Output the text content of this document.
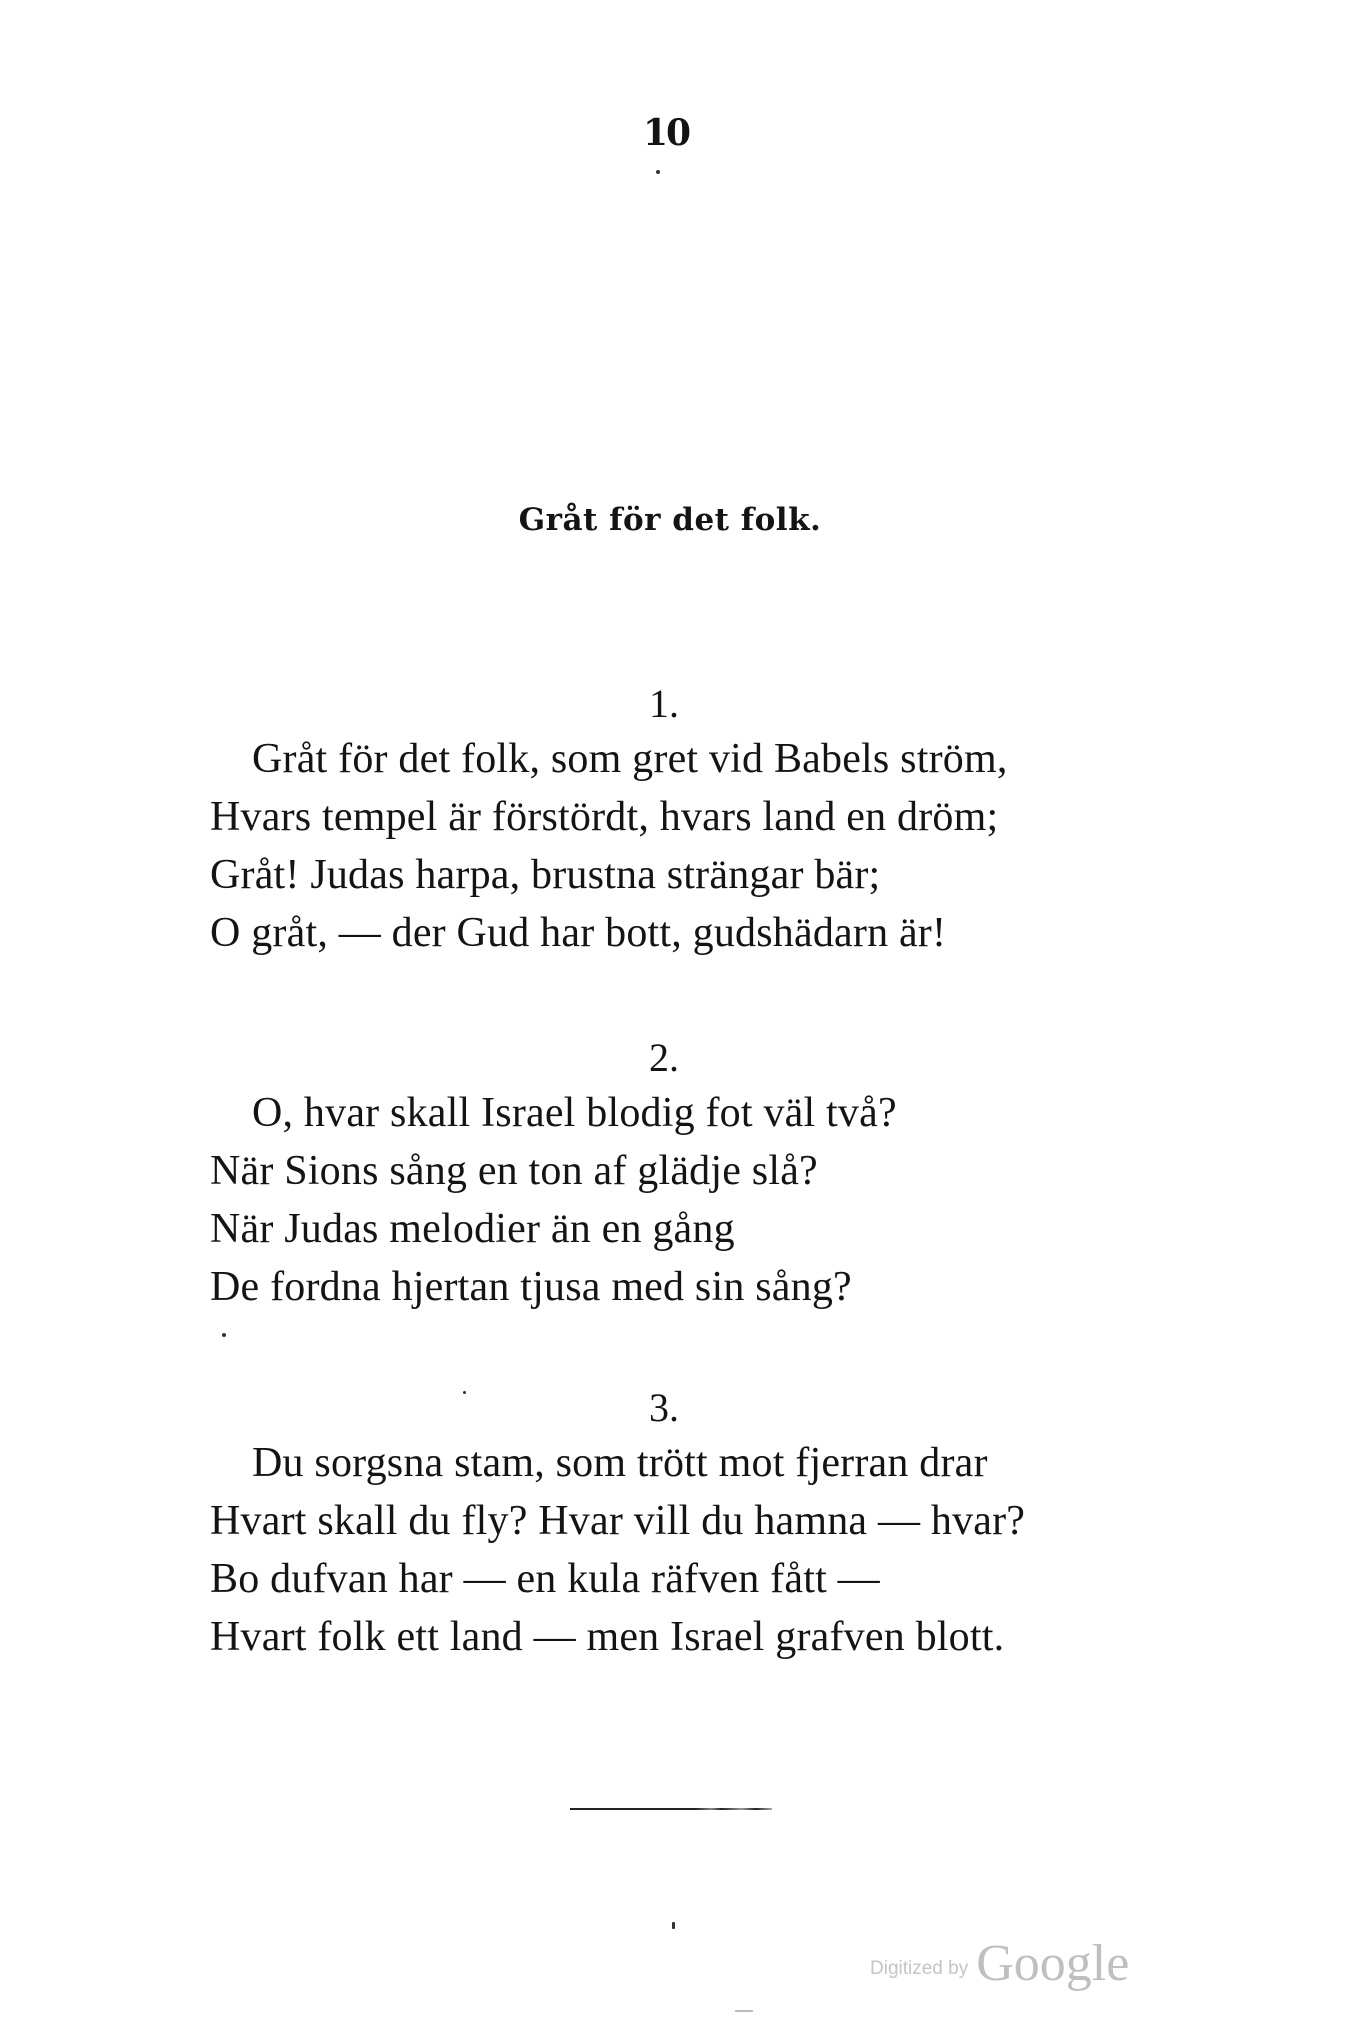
10
Gråt för det folk.
1.
Gråt för det folk, som gret vid Babels ström,
Hvars tempel är förstördt, hvars land en dröm;
Gråt! Judas harpa, brustna strängar bär;
O gråt, — der Gud har bott, gudshädarn är!
2.
O, hvar skall Israel blodig fot väl två?
När Sions sång en ton af glädje slå?
När Judas melodier än en gång
De fordna hjertan tjusa med sin sång?
3.
Du sorgsna stam, som trött mot fjerran drar
Hvart skall du fly? Hvar vill du hamna — hvar?
Bo dufvan har — en kula räfven fått —
Hvart folk ett land — men Israel grafven blott.
Digitized by Google
